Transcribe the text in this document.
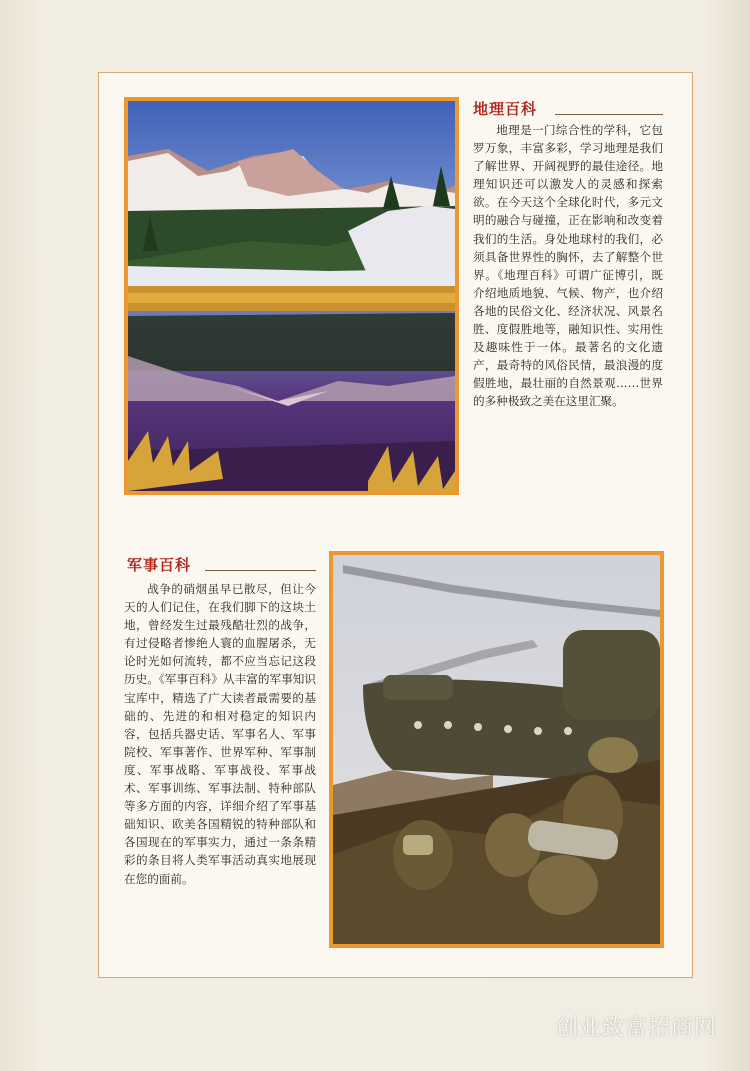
地理百科

地理是一门综合性的学科，它包罗万象，丰富多彩，学习地理是我们了解世界、开阔视野的最佳途径。地理知识还可以激发人的灵感和探索欲。在今天这个全球化时代，多元文明的融合与碰撞，正在影响和改变着我们的生活。身处地球村的我们，必须具备世界性的胸怀，去了解整个世界。《地理百科》可谓广征博引，既介绍地质地貌、气候、物产，也介绍各地的民俗文化、经济状况、风景名胜、度假胜地等，融知识性、实用性及趣味性于一体。最著名的文化遗产，最奇特的风俗民情，最浪漫的度假胜地，最壮丽的自然景观……世界的多种极致之美在这里汇聚。

军事百科

战争的硝烟虽早已散尽，但让今天的人们记住，在我们脚下的这块土地，曾经发生过最残酷壮烈的战争，有过侵略者惨绝人寰的血腥屠杀，无论时光如何流转，都不应当忘记这段历史。《军事百科》从丰富的军事知识宝库中，精选了广大读者最需要的基础的、先进的和相对稳定的知识内容，包括兵器史话、军事名人、军事院校、军事著作、世界军种、军事制度、军事战略、军事战役、军事战术、军事训练、军事法制、特种部队等多方面的内容，详细介绍了军事基础知识、欧美各国精锐的特种部队和各国现在的军事实力，通过一条条精彩的条目将人类军事活动真实地展现在您的面前。

创业致富招商网
